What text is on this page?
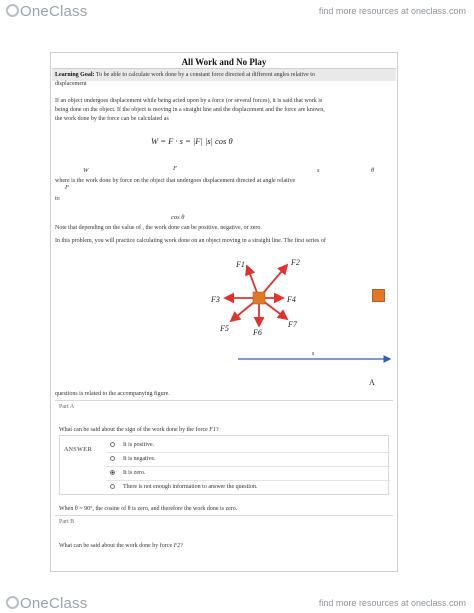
OneClass	find more resources at oneclass.com
All Work and No Play
Learning Goal: To be able to calculate work done by a constant force directed at different angles relative to
displacement
If an object undergoes displacement while being acted upon by a force (or several forces), it is said that work is
being done on the object. If the object is moving in a straight line and the displacement and the force are known,
the work done by the force can be calculated as
W = F · s = |F| |s| cos θ
where is the work done by force on the object that undergoes displacement directed at angle relative
W	F	s	θ
to
F
Note that depending on the value of , the work done can be positive, negative, or zero.
cos θ
In this problem, you will practice calculating work done on an object moving in a straight line. The first series of
F1	F2
F3	F4
F5	F6
F7
s
A
questions is related to the accompanying figure.
Part A
What can be said about the sign of the work done by the force F1?
ANSWER
It is positive.
It is negative.
It is zero.
There is not enough information to answer the question.
When θ = 90°, the cosine of θ is zero, and therefore the work done is zero.
Part B
What can be said about the work done by force F2?
OneClass	find more resources at oneclass.com
